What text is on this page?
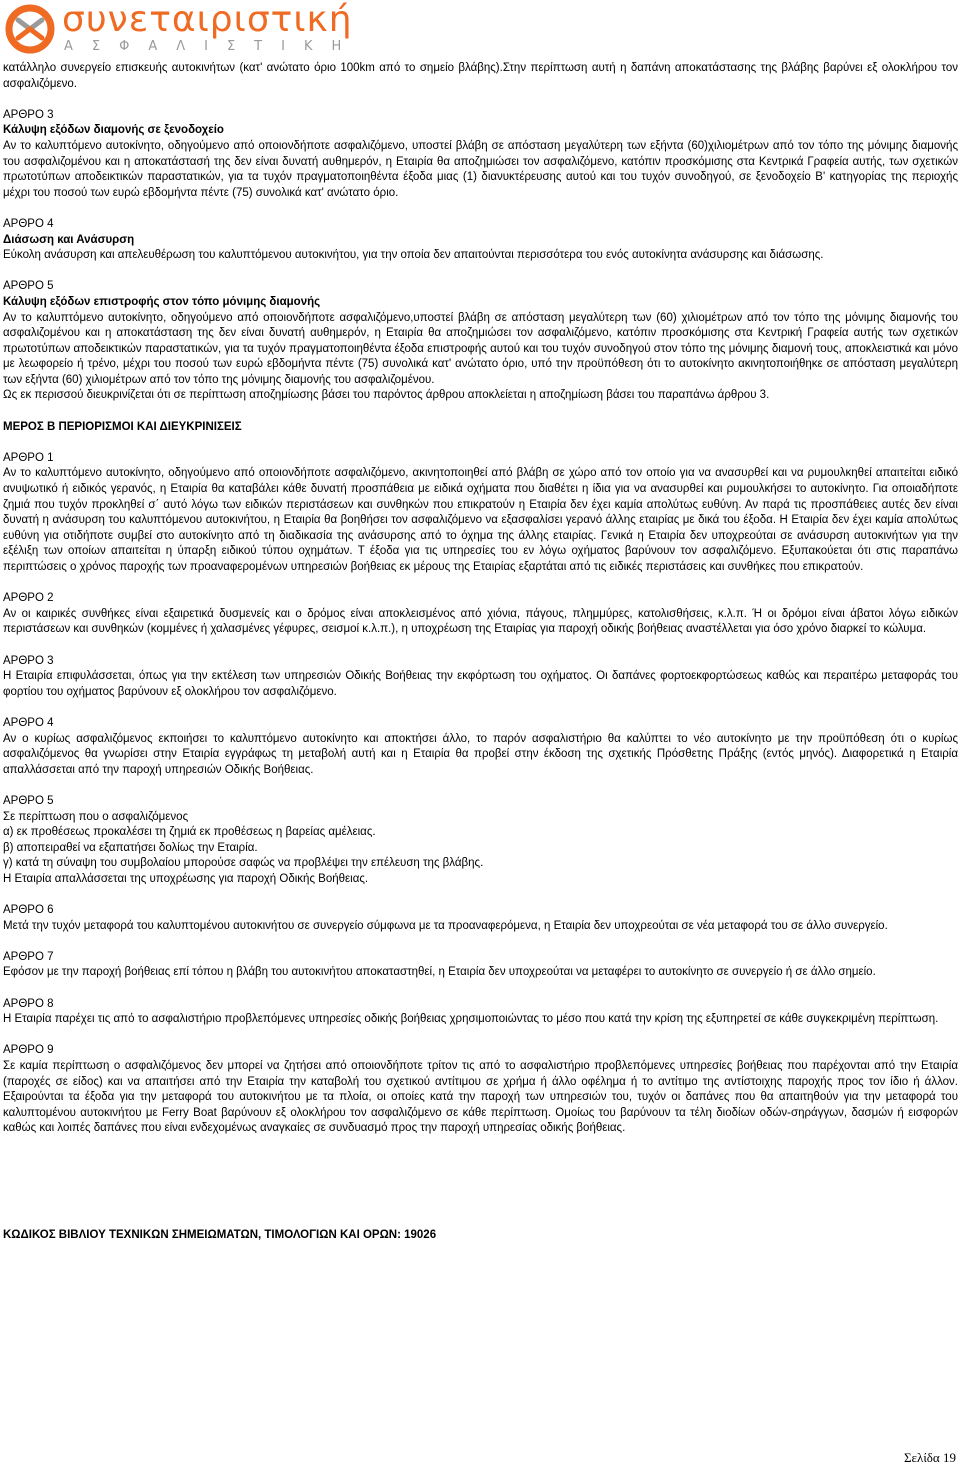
συνεταιριστική
ΑΣΦΑΛΙΣΤΙΚΗ

κατάλληλο συνεργείο επισκευής αυτοκινήτων (κατ' ανώτατο όριο 100km από το σημείο βλάβης).Στην περίπτωση αυτή η δαπάνη αποκατάστασης της βλάβης βαρύνει εξ ολοκλήρου τον ασφαλιζόμενο.

ΑΡΘΡΟ 3

Κάλυψη εξόδων διαμονής σε ξενοδοχείο

Αν το καλυπτόμενο αυτοκίνητο, οδηγούμενο από οποιονδήποτε ασφαλιζόμενο, υποστεί βλάβη σε απόσταση μεγαλύτερη των εξήντα (60)χιλιομέτρων από τον τόπο της μόνιμης διαμονής του ασφαλιζομένου και η αποκατάστασή της δεν είναι δυνατή αυθημερόν, η Εταιρία θα αποζημιώσει τον ασφαλιζόμενο, κατόπιν προσκόμισης στα Κεντρικά Γραφεία αυτής, των σχετικών πρωτοτύπων αποδεικτικών παραστατικών, για τα τυχόν πραγματοποιηθέντα έξοδα μιας (1) διανυκτέρευσης αυτού και του τυχόν συνοδηγού, σε ξενοδοχείο Β' κατηγορίας της περιοχής μέχρι του ποσού των ευρώ εβδομήντα πέντε (75) συνολικά κατ' ανώτατο όριο.

ΑΡΘΡΟ 4

Διάσωση και Ανάσυρση

Εύκολη ανάσυρση και απελευθέρωση του καλυπτόμενου αυτοκινήτου, για την οποία δεν απαιτούνται περισσότερα του ενός αυτοκίνητα ανάσυρσης και διάσωσης.

ΑΡΘΡΟ 5

Κάλυψη εξόδων επιστροφής στον τόπο μόνιμης διαμονής

Αν το καλυπτόμενο αυτοκίνητο, οδηγούμενο από οποιονδήποτε ασφαλιζόμενο,υποστεί βλάβη σε απόσταση μεγαλύτερη των (60) χιλιομέτρων από τον τόπο της μόνιμης διαμονής του ασφαλιζομένου και η αποκατάσταση της δεν είναι δυνατή αυθημερόν, η Εταιρία θα αποζημιώσει τον ασφαλιζόμενο, κατόπιν προσκόμισης στα Κεντρική Γραφεία αυτής των σχετικών πρωτοτύπων αποδεικτικών παραστατικών, για τα τυχόν πραγματοποιηθέντα έξοδα επιστροφής αυτού και του τυχόν συνοδηγού στον τόπο της μόνιμης διαμονή τους, αποκλειστικά και μόνο με λεωφορείο ή τρένο, μέχρι του ποσού των ευρώ εβδομήντα πέντε (75) συνολικά κατ' ανώτατο όριο, υπό την προϋπόθεση ότι το αυτοκίνητο ακινητοποιήθηκε σε απόσταση μεγαλύτερη των εξήντα (60) χιλιομέτρων από τον τόπο της μόνιμης διαμονής του ασφαλιζομένου.

Ως εκ περισσού διευκρινίζεται ότι σε περίπτωση αποζημίωσης βάσει του παρόντος άρθρου αποκλείεται η αποζημίωση βάσει του παραπάνω άρθρου 3.

ΜΕΡΟΣ Β ΠΕΡΙΟΡΙΣΜΟΙ ΚΑΙ ΔΙΕΥΚΡΙΝΙΣΕΙΣ

ΑΡΘΡΟ 1

Αν το καλυπτόμενο αυτοκίνητο, οδηγούμενο από οποιονδήποτε ασφαλιζόμενο, ακινητοποιηθεί από βλάβη σε χώρο από τον οποίο για να ανασυρθεί και να ρυμουλκηθεί απαιτείται ειδικό ανυψωτικό ή ειδικός γερανός, η Εταιρία θα καταβάλει κάθε δυνατή προσπάθεια με ειδικά οχήματα που διαθέτει η ίδια για να ανασυρθεί και ρυμουλκήσει το αυτοκίνητο. Για οποιαδήποτε ζημιά που τυχόν προκληθεί σ΄ αυτό λόγω των ειδικών περιστάσεων και συνθηκών που επικρατούν η Εταιρία δεν έχει καμία απολύτως ευθύνη. Αν παρά τις προσπάθειες αυτές δεν είναι δυνατή η ανάσυρση του καλυπτόμενου αυτοκινήτου, η Εταιρία θα βοηθήσει τον ασφαλιζόμενο να εξασφαλίσει γερανό άλλης εταιρίας με δικά του έξοδα. Η Εταιρία δεν έχει καμία απολύτως ευθύνη για οτιδήποτε συμβεί στο αυτοκίνητο από τη διαδικασία της ανάσυρσης από το όχημα της άλλης εταιρίας. Γενικά η Εταιρία δεν υποχρεούται σε ανάσυρση αυτοκινήτων για την εξέλιξη των οποίων απαιτείται η ύπαρξη ειδικού τύπου οχημάτων. Τ έξοδα για τις υπηρεσίες του εν λόγω οχήματος βαρύνουν τον ασφαλιζόμενο. Εξυπακούεται ότι στις παραπάνω περιπτώσεις ο χρόνος παροχής των προαναφερομένων υπηρεσιών βοήθειας εκ μέρους της Εταιρίας εξαρτάται από τις ειδικές περιστάσεις και συνθήκες που επικρατούν.

ΑΡΘΡΟ 2

Αν οι καιρικές συνθήκες είναι εξαιρετικά δυσμενείς και ο δρόμος είναι αποκλεισμένος από χιόνια, πάγους, πλημμύρες, κατολισθήσεις, κ.λ.π. Ή οι δρόμοι είναι άβατοι λόγω ειδικών περιστάσεων και συνθηκών (κομμένες ή χαλασμένες γέφυρες, σεισμοί κ.λ.π.), η υποχρέωση της Εταιρίας για παροχή οδικής βοήθειας αναστέλλεται για όσο χρόνο διαρκεί το κώλυμα.

ΑΡΘΡΟ 3

Η Εταιρία επιφυλάσσεται, όπως για την εκτέλεση των υπηρεσιών Οδικής Βοήθειας την εκφόρτωση του οχήματος. Οι δαπάνες φορτοεκφορτώσεως καθώς και περαιτέρω μεταφοράς του φορτίου του οχήματος βαρύνουν εξ ολοκλήρου τον ασφαλιζόμενο.

ΑΡΘΡΟ 4

Αν ο κυρίως ασφαλιζόμενος εκποιήσει το καλυπτόμενο αυτοκίνητο και αποκτήσει άλλο, το παρόν ασφαλιστήριο θα καλύπτει το νέο αυτοκίνητο με την προϋπόθεση ότι ο κυρίως ασφαλιζόμενος θα γνωρίσει στην Εταιρία εγγράφως τη μεταβολή αυτή και η Εταιρία θα προβεί στην έκδοση της σχετικής Πρόσθετης Πράξης (εντός μηνός). Διαφορετικά η Εταιρία απαλλάσσεται από την παροχή υπηρεσιών Οδικής Βοήθειας.

ΑΡΘΡΟ 5

Σε περίπτωση που ο ασφαλιζόμενος

α) εκ προθέσεως προκαλέσει τη ζημιά εκ προθέσεως η βαρείας αμέλειας.

β) αποπειραθεί να εξαπατήσει δολίως την Εταιρία.

γ) κατά τη σύναψη του συμβολαίου μπορούσε σαφώς να προβλέψει την επέλευση της βλάβης.

Η Εταιρία απαλλάσσεται της υποχρέωσης για παροχή Οδικής Βοήθειας.

ΑΡΘΡΟ 6

Μετά την τυχόν μεταφορά του καλυπτομένου αυτοκινήτου σε συνεργείο σύμφωνα με τα προαναφερόμενα, η Εταιρία δεν υποχρεούται σε νέα μεταφορά του σε άλλο συνεργείο.

ΑΡΘΡΟ 7

Εφόσον με την παροχή βοήθειας επί τόπου η βλάβη του αυτοκινήτου αποκαταστηθεί, η Εταιρία δεν υποχρεούται να μεταφέρει το αυτοκίνητο σε συνεργείο ή σε άλλο σημείο.

ΑΡΘΡΟ 8

Η Εταιρία παρέχει τις από το ασφαλιστήριο προβλεπόμενες υπηρεσίες οδικής βοήθειας χρησιμοποιώντας το μέσο που κατά την κρίση της εξυπηρετεί σε κάθε συγκεκριμένη περίπτωση.

ΑΡΘΡΟ 9

Σε καμία περίπτωση ο ασφαλιζόμενος δεν μπορεί να ζητήσει από οποιονδήποτε τρίτον τις από το ασφαλιστήριο προβλεπόμενες υπηρεσίες βοήθειας που παρέχονται από την Εταιρία (παροχές σε είδος) και να απαιτήσει από την Εταιρία την καταβολή του σχετικού αντίτιμου σε χρήμα ή άλλο οφέλημα ή το αντίτιμο της αντίστοιχης παροχής προς τον ίδιο ή άλλον. Εξαιρούνται τα έξοδα για την μεταφορά του αυτοκινήτου με τα πλοία, οι οποίες κατά την παροχή των υπηρεσιών του, τυχόν οι δαπάνες που θα απαιτηθούν για την μεταφορά του καλυπτομένου αυτοκινήτου με Ferry Boat βαρύνουν εξ ολοκλήρου τον ασφαλιζόμενο σε κάθε περίπτωση. Ομοίως του βαρύνουν τα τέλη διοδίων οδών-σηράγγων, δασμών ή εισφορών καθώς και λοιπές δαπάνες που είναι ενδεχομένως αναγκαίες σε συνδυασμό προς την παροχή υπηρεσίας οδικής βοήθειας.

ΚΩΔΙΚΟΣ ΒΙΒΛΙΟΥ ΤΕΧΝΙΚΩΝ ΣΗΜΕΙΩΜΑΤΩΝ, ΤΙΜΟΛΟΓΙΩΝ ΚΑΙ ΟΡΩΝ: 19026
Σελίδα 19
